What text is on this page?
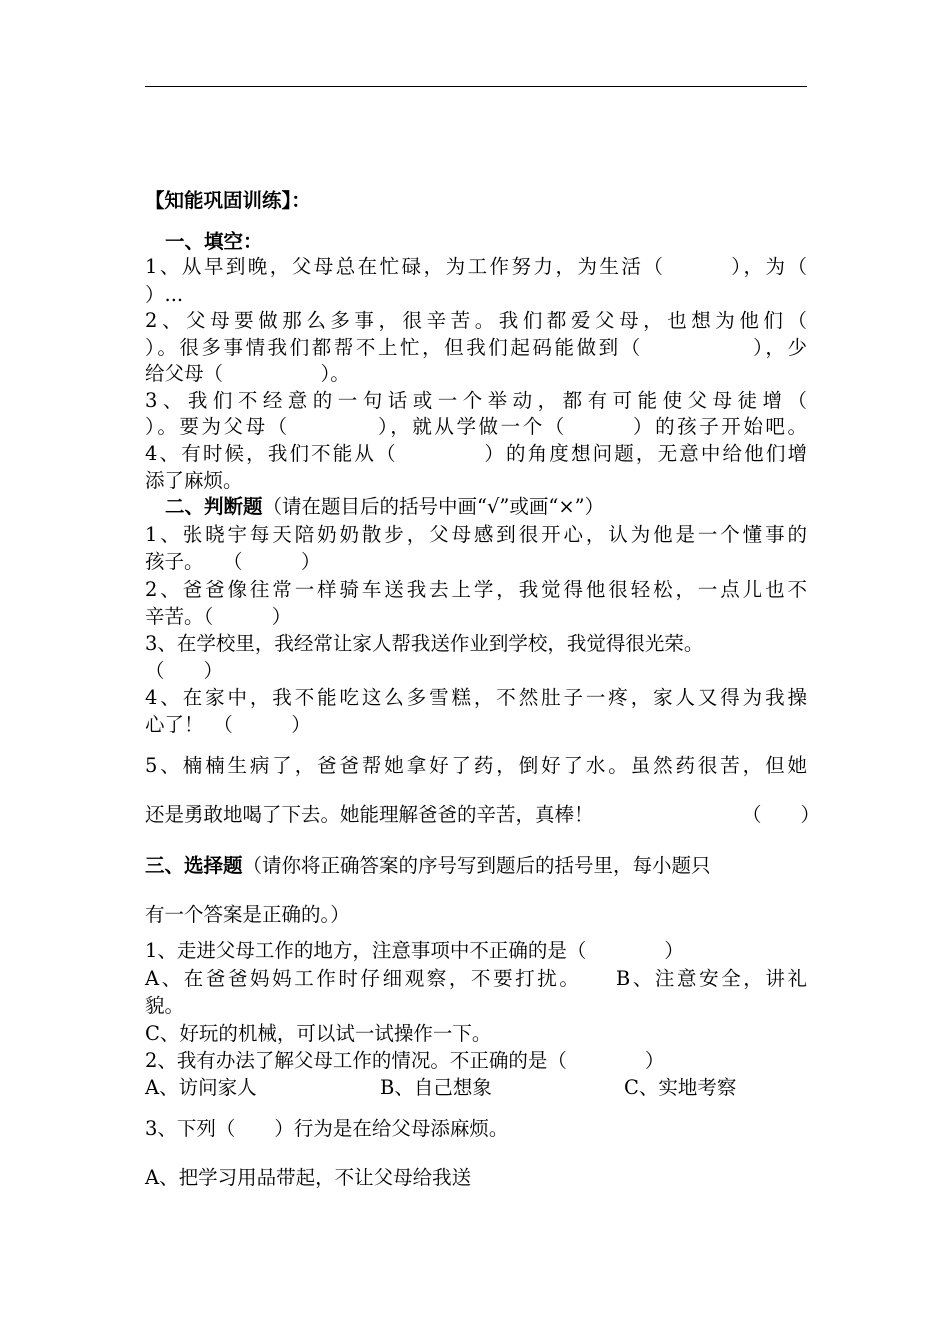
【知能巩固训练】：
一、填空：
1、从早到晚，父母总在忙碌，为工作努力，为生活（　　　），为（
）...
2、父母要做那么多事，很辛苦。我们都爱父母，也想为他们（
）。很多事情我们都帮不上忙，但我们起码能做到（　　　　　），少
给父母（　　　　　）。
3、我们不经意的一句话或一个举动，都有可能使父母徒增（
）。要为父母（　　　　），就从学做一个（　　　）的孩子开始吧。
4、有时候，我们不能从（　　　　）的角度想问题，无意中给他们增
添了麻烦。
二、判断题（请在题目后的括号中画“√”或画“×”）
1、张晓宇每天陪奶奶散步，父母感到很开心，认为他是一个懂事的
孩子。　　（　　　）
2、爸爸像往常一样骑车送我去上学，我觉得他很轻松，一点儿也不
辛苦。（　　　）
3、在学校里，我经常让家人帮我送作业到学校，我觉得很光荣。
（　　）
4、在家中，我不能吃这么多雪糕，不然肚子一疼，家人又得为我操
心了！　（　　　）
5、楠楠生病了，爸爸帮她拿好了药，倒好了水。虽然药很苦，但她
还是勇敢地喝了下去。她能理解爸爸的辛苦，真棒！	（　　）
三、选择题（请你将正确答案的序号写到题后的括号里，每小题只
有一个答案是正确的。）
1、走进父母工作的地方，注意事项中不正确的是（　　　　）
A、在爸爸妈妈工作时仔细观察，不要打扰。　　B、注意安全，讲礼
貌。
C、好玩的机械，可以试一试操作一下。
2、我有办法了解父母工作的情况。不正确的是（　　　　）
A、访问家人	B、自己想象	C、实地考察
3、下列（　　）行为是在给父母添麻烦。
A、把学习用品带起，不让父母给我送
